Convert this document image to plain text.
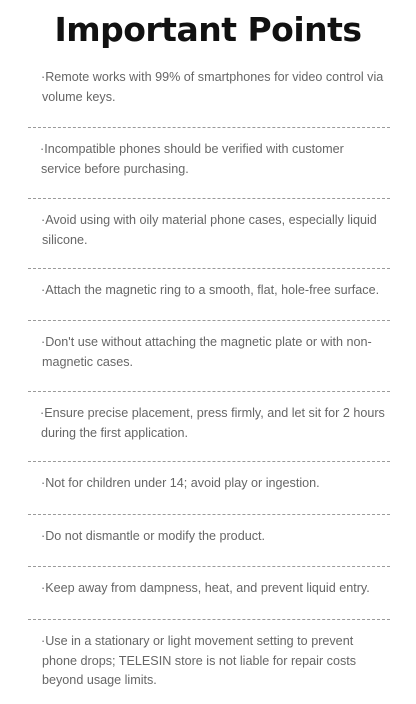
Important Points

·Remote works with 99% of smartphones for video control via volume keys.

·Incompatible phones should be verified with customer service before purchasing.

·Avoid using with oily material phone cases, especially liquid silicone.

·Attach the magnetic ring to a smooth, flat, hole-free surface.

·Don't use without attaching the magnetic plate or with non-magnetic cases.

·Ensure precise placement, press firmly, and let sit for 2 hours during the first application.

·Not for children under 14; avoid play or ingestion.

·Do not dismantle or modify the product.

·Keep away from dampness, heat, and prevent liquid entry.

·Use in a stationary or light movement setting to prevent phone drops; TELESIN store is not liable for repair costs beyond usage limits.
